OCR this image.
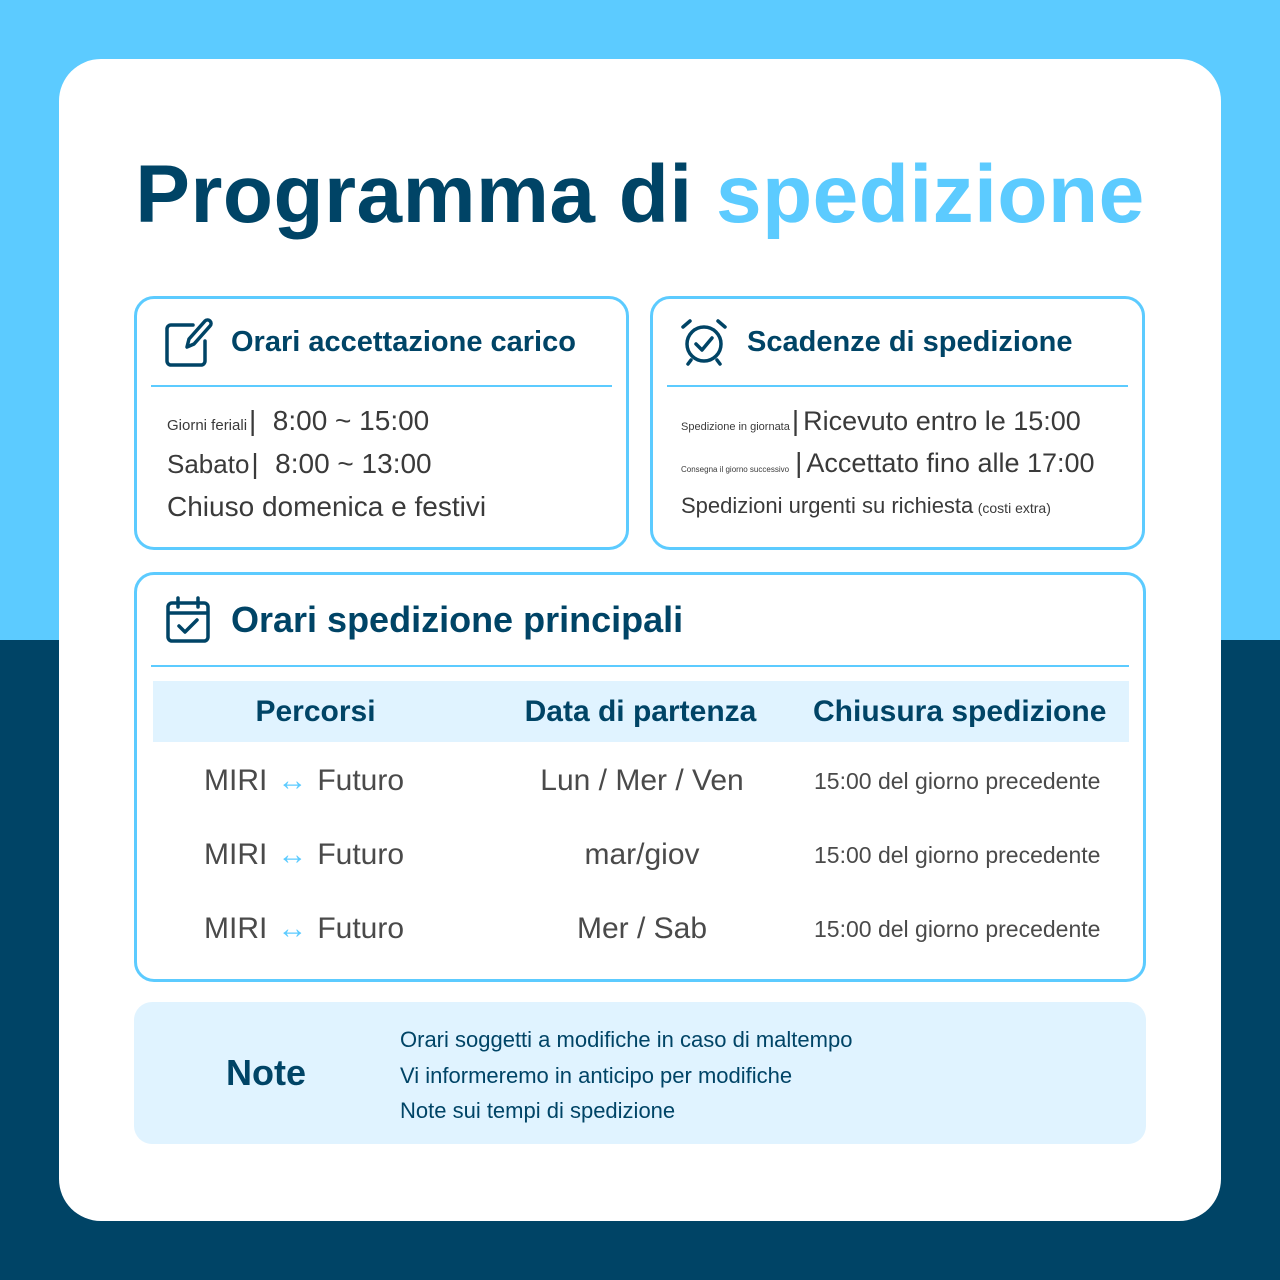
Programma di spedizione
Orari accettazione carico
Giorni feriali| 8:00 ~ 15:00
Sabato| 8:00 ~ 13:00
Chiuso domenica e festivi
Scadenze di spedizione
Spedizione in giornata| Ricevuto entro le 15:00
Consegna il giorno successivo | Accettato fino alle 17:00
Spedizioni urgenti su richiesta (costi extra)
Orari spedizione principali
Percorsi	Data di partenza	Chiusura spedizione
MIRI ↔ Futuro	Lun / Mer / Ven	15:00 del giorno precedente
MIRI ↔ Futuro	mar/giov	15:00 del giorno precedente
MIRI ↔ Futuro	Mer / Sab	15:00 del giorno precedente
Note
Orari soggetti a modifiche in caso di maltempo
Vi informeremo in anticipo per modifiche
Note sui tempi di spedizione
